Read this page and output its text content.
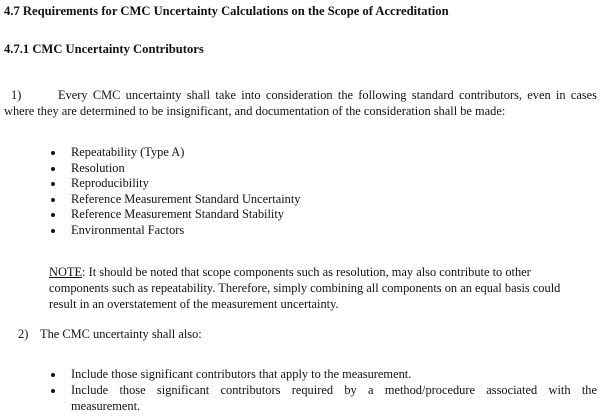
4.7 Requirements for CMC Uncertainty Calculations on the Scope of Accreditation

4.7.1 CMC Uncertainty Contributors

1)	Every CMC uncertainty shall take into consideration the following standard contributors, even in cases

where they are determined to be insignificant, and documentation of the consideration shall be made:

Repeatability (Type A)
Resolution
Reproducibility
Reference Measurement Standard Uncertainty
Reference Measurement Standard Stability
Environmental Factors

NOTE: It should be noted that scope components such as resolution, may also contribute to other

components such as repeatability. Therefore, simply combining all components on an equal basis could

result in an overstatement of the measurement uncertainty.

2) The CMC uncertainty shall also:

Include those significant contributors that apply to the measurement.

Include those significant contributors required by a method/procedure associated with the

measurement.
